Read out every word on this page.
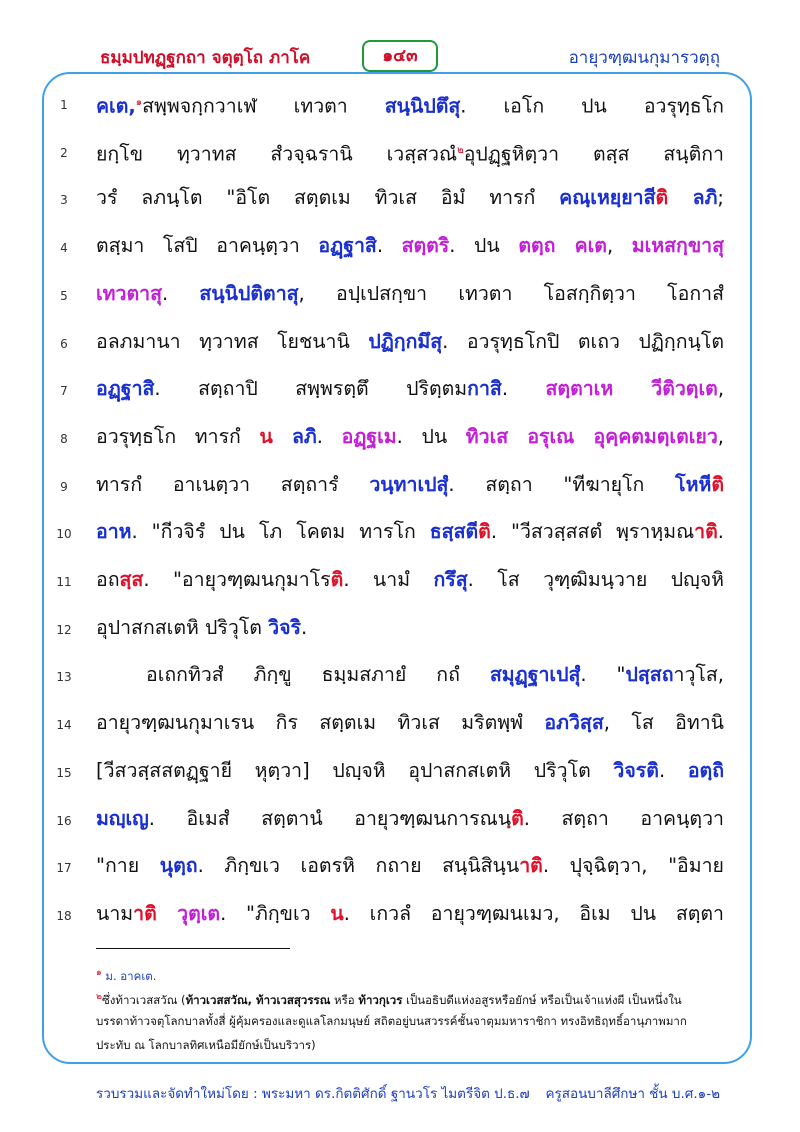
ธมฺมปทฏฺฐกถา จตุตฺโถ ภาโค	๑๔๓	อายุวฑฺฒนกุมารวตฺถุ
1	คเต,$^๑$สพฺพจกฺกวาเฬ เทวตา สนฺนิปตึสุ. เอโก ปน อวรุทฺธโก
2	ยกฺโข ทฺวาทส สํวจฺฉรานิ เวสฺสวณํ$^๒$อุปฏฺฐหิตฺวา ตสฺส สนฺติกา
3	วรํ ลภนฺโต "อิโต สตฺตเม ทิวเส อิมํ ทารกํ คณฺเหยฺยาสีติ ลภิ;
4	ตสฺมา โสปิ อาคนฺตฺวา อฏฺฐาสิ. สตฺตริ. ปน ตตฺถ คเต, มเหสกฺขาสุ
5	เทวตาสุ. สนฺนิปติตาสุ, อปฺเปสกฺขา เทวตา โอสกฺกิตฺวา โอกาสํ
6	อลภมานา ทฺวาทส โยชนานิ ปฏิกฺกมึสุ. อวรุทฺธโกปิ ตเถว ปฏิกฺกนฺโต
7	อฏฺฐาสิ. สตฺถาปิ สพฺพรตฺตึ ปริตฺตมกาสิ. สตฺตาเห วีติวตฺเต,
8	อวรุทฺธโก ทารกํ น ลภิ. อฏฺฐเม. ปน ทิวเส อรุเณ อุคฺคตมตฺเตเยว,
9	ทารกํ อาเนตฺวา สตฺถารํ วนฺทาเปสุํ. สตฺถา "ทีฆายุโก โหหีติ
10 อาห. "กีวจิรํ ปน โภ โคตม ทารโก ธสฺสตีติ. "วีสวสฺสสตํ พฺราหฺมณาติ.
11 อถสฺส. "อายุวฑฺฒนกุมาโรติ. นามํ กรึสุ. โส วุฑฺฒิมนฺวาย ปญฺจหิ
12 อุปาสกสเตหิ ปริวุโต วิจริ.
13	อเถกทิวสํ ภิกฺขู ธมฺมสภายํ กถํ สมุฏฺฐาเปสุํ. "ปสฺสถาวุโส,
14 อายุวฑฺฒนกุมาเรน กิร สตฺตเม ทิวเส มริตพฺพํ อภวิสฺส, โส อิทานิ
15 [วีสวสฺสสตฏฺฐายี หุตฺวา] ปญฺจหิ อุปาสกสเตหิ ปริวุโต วิจรติ. อตฺถิ
16 มญฺเญ. อิเมสํ สตฺตานํ อายุวฑฺฒนการณนฺติ. สตฺถา อาคนฺตฺวา
17 "กาย นุตฺถ. ภิกฺขเว เอตรหิ กถาย สนฺนิสินฺนาติ. ปุจฺฉิตฺวา, "อิมาย
18 นามาติ วุตฺเต. "ภิกฺขเว น. เกวลํ อายุวฑฺฒนเมว, อิเม ปน สตฺตา
$^๑$ ม. อาคเต.
$^๒$ซึ่งท้าวเวสสวัณ (ท้าวเวสสวัณ, ท้าวเวสสุวรรณ หรือ ท้าวกุเวร เป็นอธิบดีแห่งอสูรหรือยักษ์ หรือเป็นเจ้าแห่งผี เป็นหนึ่งใน
บรรดาท้าวจตุโลกบาลทั้งสี่ ผู้คุ้มครองและดูแลโลกมนุษย์ สถิตอยู่บนสวรรค์ชั้นจาตุมมหาราชิกา ทรงอิทธิฤทธิ์อานุภาพมาก
ประทับ ณ โลกบาลทิศเหนือมียักษ์เป็นบริวาร)
รวบรวมและจัดทำใหม่โดย : พระมหา ดร.กิตติศักดิ์ ฐานวโร ไมตรีจิต ป.ธ.๗ ครูสอนบาลีศึกษา ชั้น บ.ศ.๑-๒
